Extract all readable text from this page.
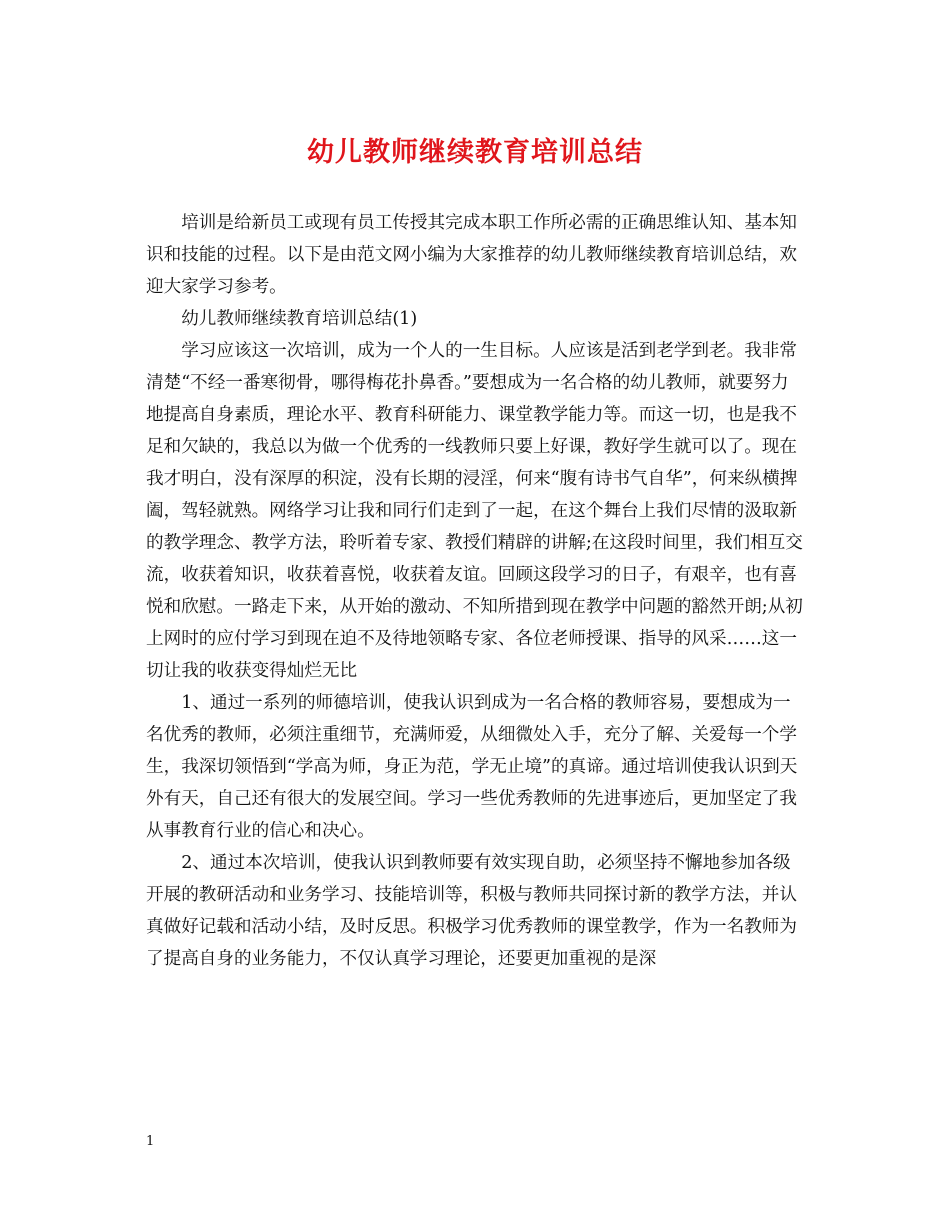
幼儿教师继续教育培训总结

培训是给新员工或现有员工传授其完成本职工作所必需的正确思维认知、基本知识和技能的过程。以下是由范文网小编为大家推荐的幼儿教师继续教育培训总结，欢迎大家学习参考。

幼儿教师继续教育培训总结(1)

学习应该这一次培训，成为一个人的一生目标。人应该是活到老学到老。我非常清楚“不经一番寒彻骨，哪得梅花扑鼻香。”要想成为一名合格的幼儿教师，就要努力地提高自身素质，理论水平、教育科研能力、课堂教学能力等。而这一切，也是我不足和欠缺的，我总以为做一个优秀的一线教师只要上好课，教好学生就可以了。现在我才明白，没有深厚的积淀，没有长期的浸淫，何来“腹有诗书气自华”，何来纵横捭阖，驾轻就熟。网络学习让我和同行们走到了一起，在这个舞台上我们尽情的汲取新的教学理念、教学方法，聆听着专家、教授们精辟的讲解;在这段时间里，我们相互交流，收获着知识，收获着喜悦，收获着友谊。回顾这段学习的日子，有艰辛，也有喜悦和欣慰。一路走下来，从开始的激动、不知所措到现在教学中问题的豁然开朗;从初上网时的应付学习到现在迫不及待地领略专家、各位老师授课、指导的风采……这一切让我的收获变得灿烂无比

1、通过一系列的师德培训，使我认识到成为一名合格的教师容易，要想成为一名优秀的教师，必须注重细节，充满师爱，从细微处入手，充分了解、关爱每一个学生，我深切领悟到“学高为师，身正为范，学无止境”的真谛。通过培训使我认识到天外有天，自己还有很大的发展空间。学习一些优秀教师的先进事迹后，更加坚定了我从事教育行业的信心和决心。

2、通过本次培训，使我认识到教师要有效实现自助，必须坚持不懈地参加各级开展的教研活动和业务学习、技能培训等，积极与教师共同探讨新的教学方法，并认真做好记载和活动小结，及时反思。积极学习优秀教师的课堂教学，作为一名教师为了提高自身的业务能力，不仅认真学习理论，还要更加重视的是深

1
